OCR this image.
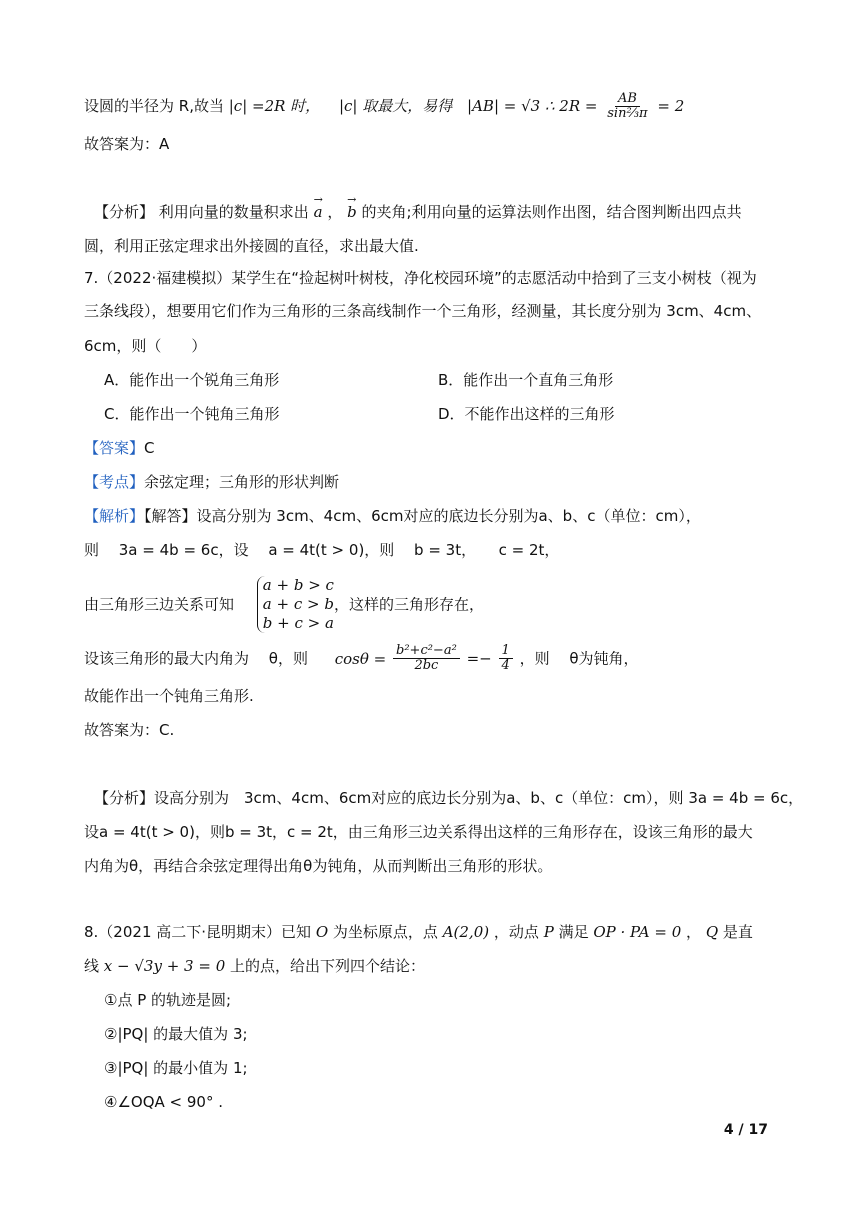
设圆的半径为 R,故当 |c| =2R 时， |c| 取最大，易得 |AB| = √3 ∴ $2R = \frac{AB}{\text{sin⅔π}} = 2$
故答案为：A
【分析】 利用向量的数量积求出 → a ， → b 的夹角;利用向量的运算法则作出图，结合图判断出四点共
圆，利用正弦定理求出外接圆的直径，求出最大值.
7.（2022·福建模拟）某学生在“捡起树叶树枝，净化校园环境”的志愿活动中拾到了三支小树枝（视为
三条线段），想要用它们作为三角形的三条高线制作一个三角形，经测量，其长度分别为 3cm、4cm、
6cm，则（　　）
A．能作出一个锐角三角形	B．能作出一个直角三角形
C．能作出一个钝角三角形	D．不能作出这样的三角形
【答案】C
【考点】余弦定理；三角形的形状判断
【解析】【解答】设高分别为 3cm、4cm、6cm对应的底边长分别为a、b、c（单位：cm），
则　 3a = 4b = 6c，设　 a = 4t(t > 0)，则　 b = 3t，　　c = 2t，
由三角形三边关系可知
a + b > c
a + c > b
b + c > a
，这样的三角形存在，
设该三角形的最大内角为　 θ，则 $\cos\theta = \frac{\text{b²+c²−a²}}{2bc} =- \frac{1}{4}$ ，则　 θ为钝角，
故能作出一个钝角三角形.
故答案为：C.
【分析】设高分别为　3cm、4cm、6cm对应的底边长分别为a、b、c（单位：cm），则 3a = 4b = 6c，
设a = 4t(t > 0)，则b = 3t，c = 2t，由三角形三边关系得出这样的三角形存在，设该三角形的最大
内角为θ，再结合余弦定理得出角θ为钝角，从而判断出三角形的形状。
8.（2021 高二下·昆明期末）已知 O 为坐标原点，点 A(2,0) ，动点 P 满足 OP · PA = 0 ， Q 是直
线 x − √3y + 3 = 0 上的点，给出下列四个结论：
①点 P 的轨迹是圆;
②|PQ| 的最大值为 3;
③|PQ| 的最小值为 1;
④∠OQA < 90° .
4 / 17
